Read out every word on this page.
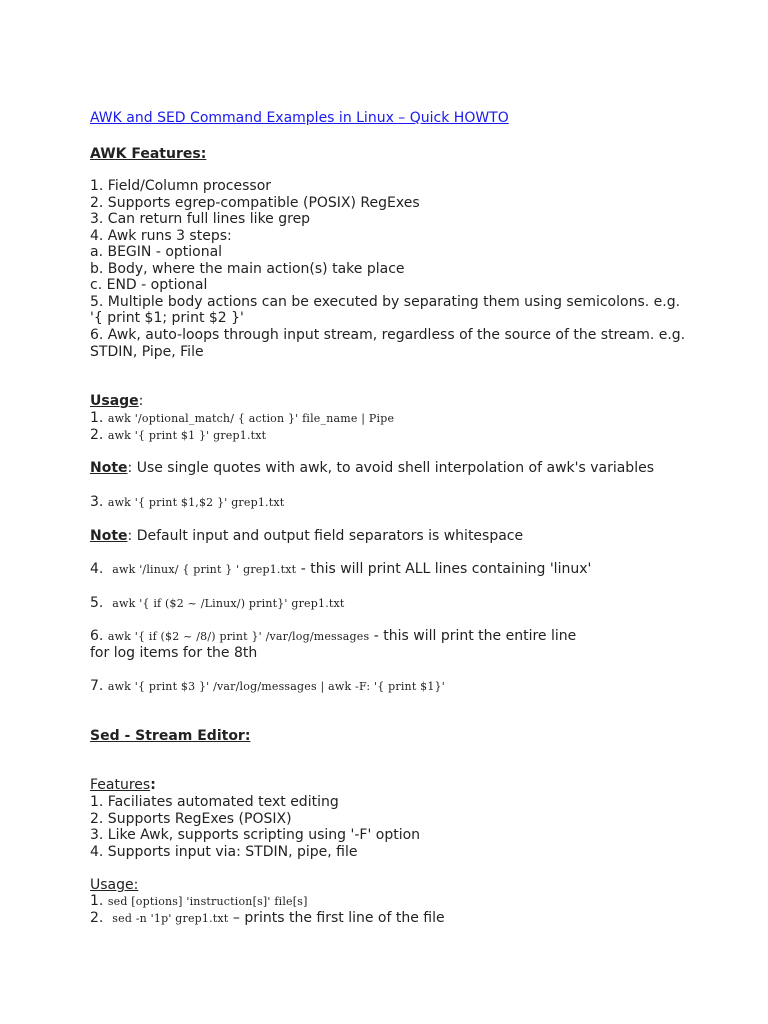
AWK and SED Command Examples in Linux – Quick HOWTO
AWK Features:
1. Field/Column processor
2. Supports egrep-compatible (POSIX) RegExes
3. Can return full lines like grep
4. Awk runs 3 steps:
a. BEGIN - optional
b. Body, where the main action(s) take place
c. END - optional
5. Multiple body actions can be executed by separating them using semicolons. e.g.
'{ print $1; print $2 }'
6. Awk, auto-loops through input stream, regardless of the source of the stream. e.g.
STDIN, Pipe, File
Usage:
1. awk '/optional_match/ { action }' file_name | Pipe
2. awk '{ print $1 }' grep1.txt
Note: Use single quotes with awk, to avoid shell interpolation of awk's variables
3. awk '{ print $1,$2 }' grep1.txt
Note: Default input and output field separators is whitespace
4. awk '/linux/ { print } ' grep1.txt - this will print ALL lines containing 'linux'
5. awk '{ if ($2 ~ /Linux/) print}' grep1.txt
6. awk '{ if ($2 ~ /8/) print }' /var/log/messages - this will print the entire line
for log items for the 8th
7. awk '{ print $3 }' /var/log/messages | awk -F: '{ print $1}'
Sed - Stream Editor:
Features:
1. Faciliates automated text editing
2. Supports RegExes (POSIX)
3. Like Awk, supports scripting using '-F' option
4. Supports input via: STDIN, pipe, file
Usage:
1. sed [options] 'instruction[s]' file[s]
2. sed -n '1p' grep1.txt – prints the first line of the file
